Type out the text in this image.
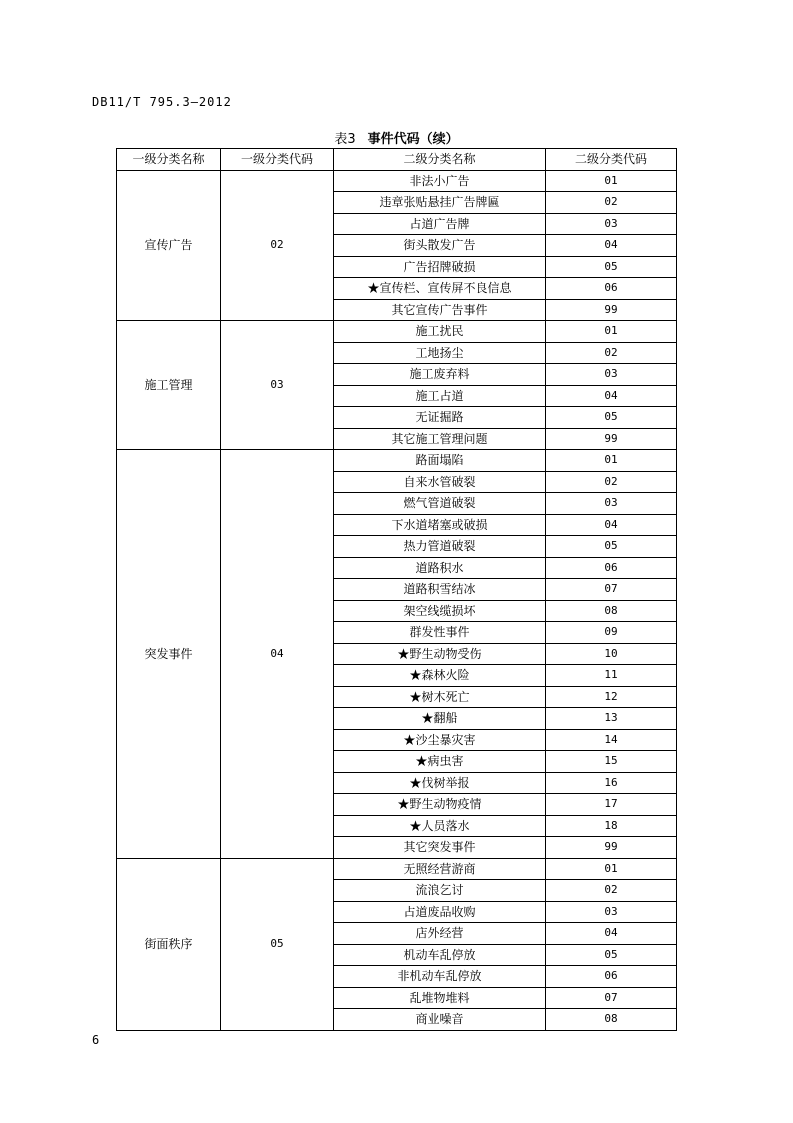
DB11/T 795.3—2012
表3 事件代码（续）
一级分类名称	一级分类代码	二级分类名称	二级分类代码
宣传广告	02	非法小广告	01
		违章张贴悬挂广告牌匾	02
		占道广告牌	03
		街头散发广告	04
		广告招牌破损	05
		★宣传栏、宣传屏不良信息	06
		其它宣传广告事件	99
施工管理	03	施工扰民	01
		工地扬尘	02
		施工废弃料	03
		施工占道	04
		无证掘路	05
		其它施工管理问题	99
突发事件	04	路面塌陷	01
		自来水管破裂	02
		燃气管道破裂	03
		下水道堵塞或破损	04
		热力管道破裂	05
		道路积水	06
		道路积雪结冰	07
		架空线缆损坏	08
		群发性事件	09
		★野生动物受伤	10
		★森林火险	11
		★树木死亡	12
		★翻船	13
		★沙尘暴灾害	14
		★病虫害	15
		★伐树举报	16
		★野生动物疫情	17
		★人员落水	18
		其它突发事件	99
街面秩序	05	无照经营游商	01
		流浪乞讨	02
		占道废品收购	03
		店外经营	04
		机动车乱停放	05
		非机动车乱停放	06
		乱堆物堆料	07
		商业噪音	08
6
